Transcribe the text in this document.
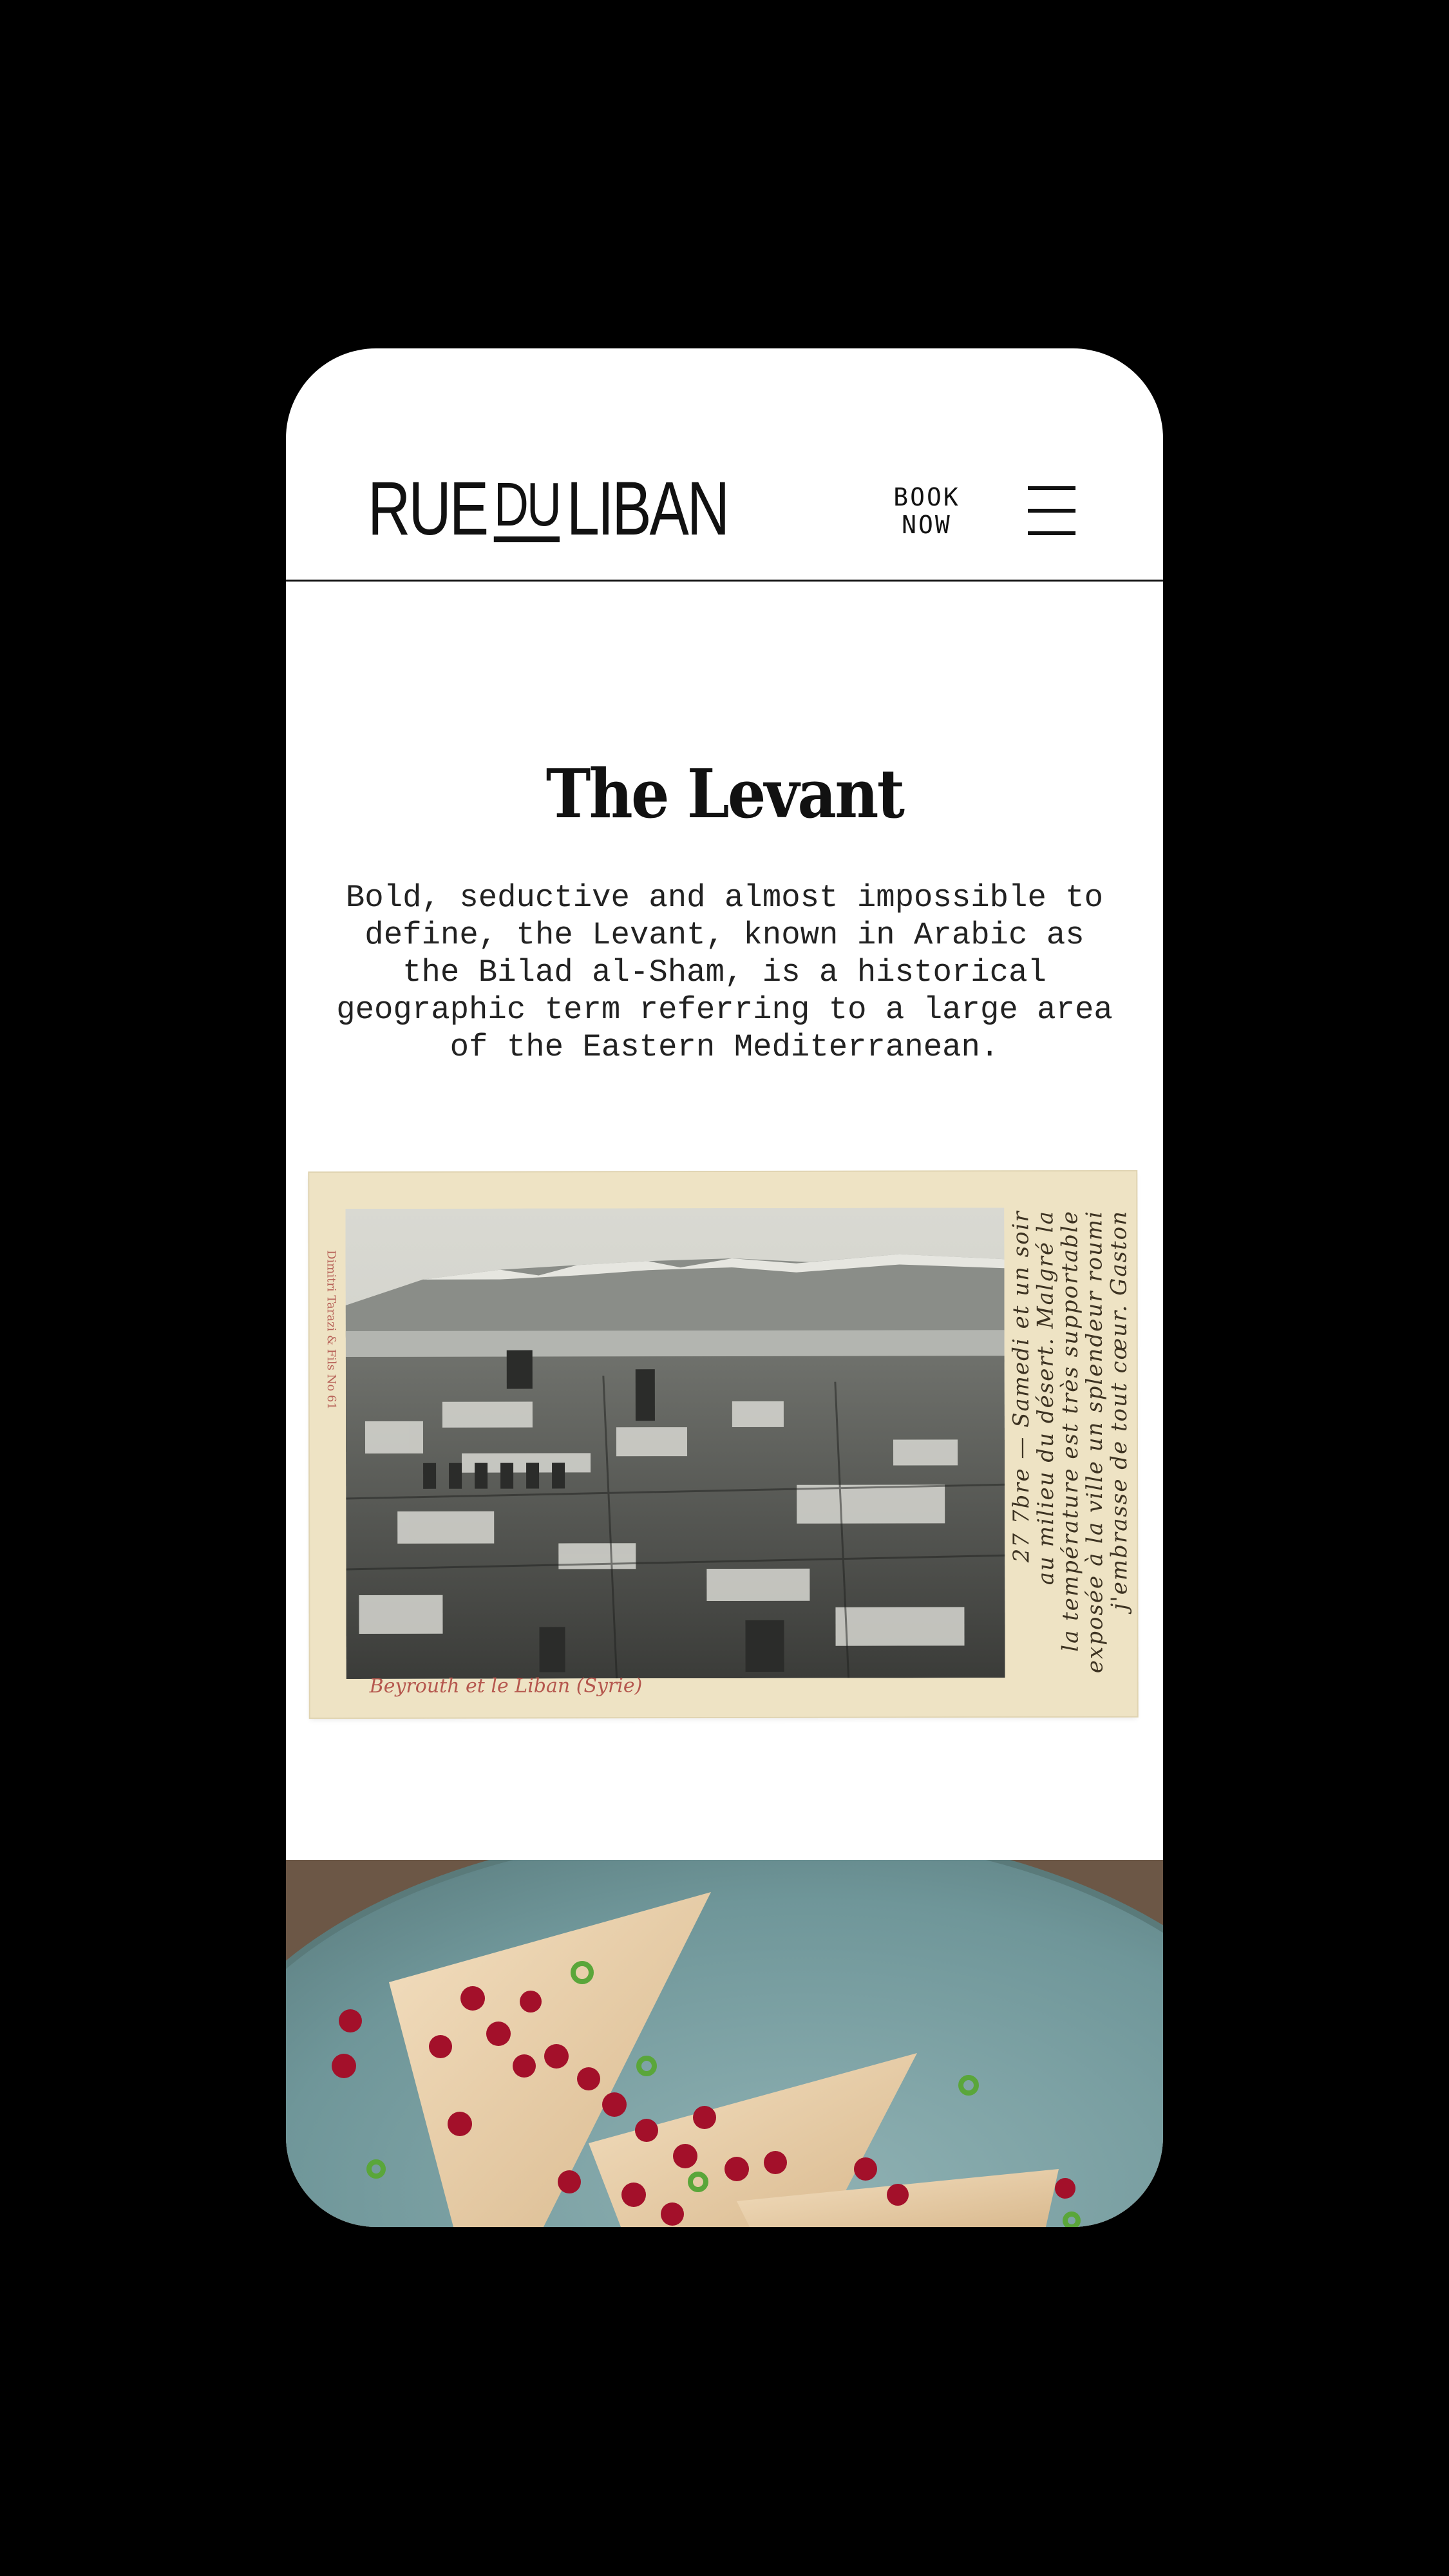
RUE DULIBAN	BOOK
NOW
The Levant

Bold, seductive and almost impossible to define, the Levant, known in Arabic as the Bilad al-Sham, is a historical geographic term referring to a large area of the Eastern Mediterranean.

Dimitri Tarazi & Fils No 61
Beyrouth et le Liban (Syrie)

27 7bre — Samedi et un soir

au milieu du désert. Malgré la

la température est très supportable

exposée à la ville un splendeur roumi

j'embrasse de tout cœur. Gaston
